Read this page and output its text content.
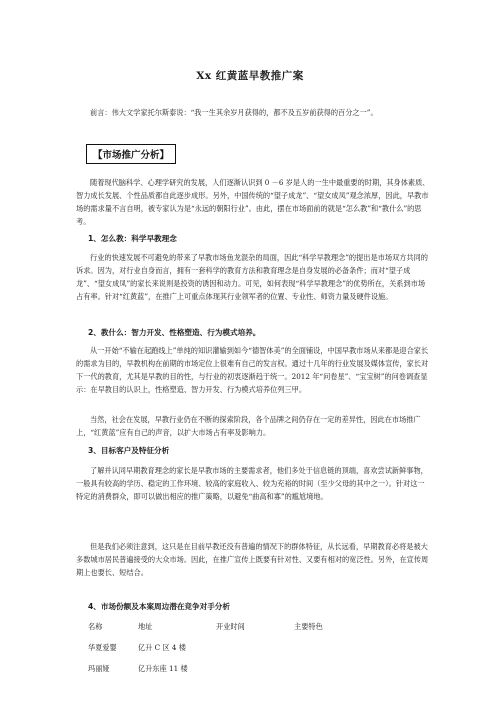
Xx 红黄蓝早教推广案

前言：伟大文学家托尔斯泰说：“我一生其余岁月获得的，都不及五岁前获得的百分之一”。

【市场推广分析】

随着现代脑科学、心理学研究的发展，人们逐渐认识到 0 －6 岁是人的一生中最重要的时期，其身体素质、智力成长发展、个性品质都自此逐步成形。另外，中国传统的“望子成龙”、“望女成凤”观念浓厚，因此，早教市场的需求量不言自明，被专家认为是“永远的朝阳行业”。由此，摆在市场面前的就是“怎么教”和“教什么”的思考。

1、怎么教：科学早教理念

行业的快速发展不可避免的带来了早教市场鱼龙混杂的局面，因此“科学早教理念”的提出是市场双方共同的诉求。因为，对行业自身而言，拥有一套科学的教育方法和教育理念是自身发展的必备条件；而对“望子成龙”、“望女成凤”的家长来说则是投资的诱因和动力。可见，如何表现“科学早教理念”的优势所在，关系到市场占有率。针对“红黄蓝”，在推广上可重点体现其行业领军者的位置、专业性、师资力量及硬件设施。

2、教什么：智力开发、性格塑造、行为模式培养。

从一开始“不输在起跑线上”单纯的知识灌输到如今“德智体美”的全面铺设，中国早教市场从来都是迎合家长的需求为目的，早教机构在前期的市场定位上很难有自己的发言权。通过十几年的行业发展及媒体宣传，家长对下一代的教育，尤其是早教的目的性，与行业的初衷逐渐趋于统一。2012 年“问卷星”、“宝宝树”的问卷调查显示：在早教目的认识上，性格塑造、智力开发、行为模式培养位列三甲。

当然，社会在发展，早教行业仍在不断的探索阶段，各个品牌之间仍存在一定的差异性，因此在市场推广上，“红黄蓝”应有自己的声音，以扩大市场占有率及影响力。

3、目标客户及特征分析

了解并认同早期教育理念的家长是早教市场的主要需求者，他们多处于信息链的顶端，喜欢尝试新鲜事物，一般具有较高的学历、稳定的工作环境、较高的家庭收入、较为充裕的时间（至少父母的其中之一）。针对这一特定的消费群众，即可以做出相应的推广策略，以避免“曲高和寡”的尴尬境地。

但是我们必须注意到，这只是在目前早教还没有普遍的情况下的群体特征，从长远看，早期教育必将是被大多数城市居民普遍接受的大众市场。因此，在推广宣传上既要有针对性、又要有相对的宽泛性。另外，在宣传周期上也要长、短结合。

4、市场份额及本案周边潜在竞争对手分析
名称	地址	开业时间	主要特色
华夏爱婴	亿升 C 区 4 楼
玛丽娅	亿升东座 11 楼
